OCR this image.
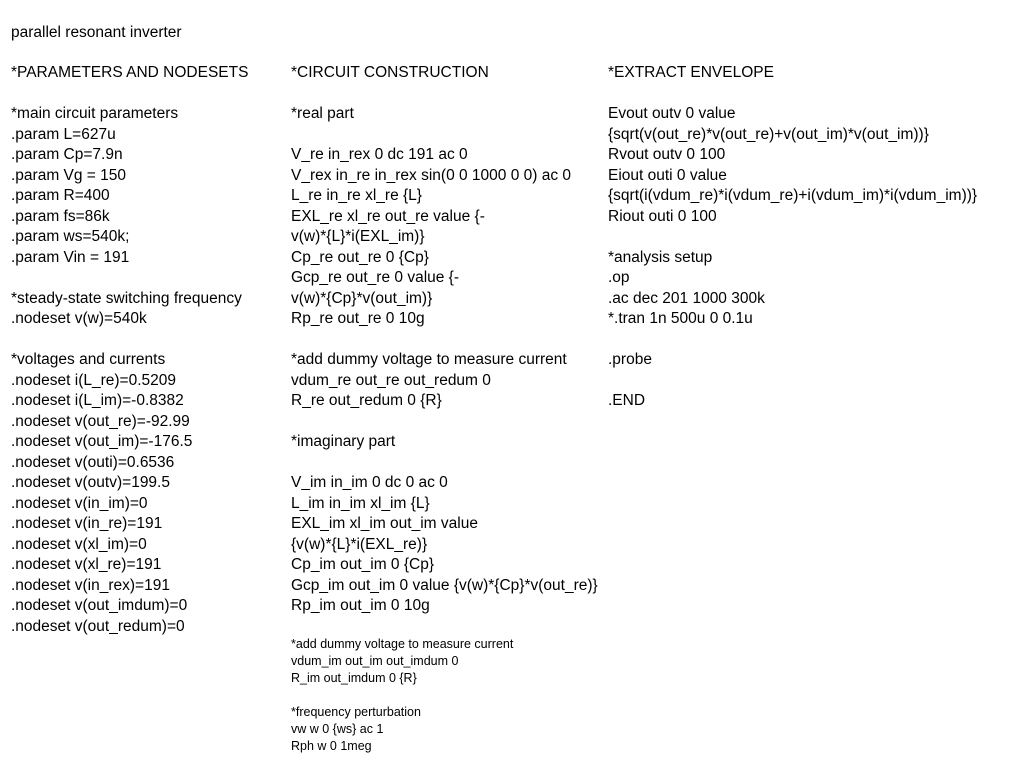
parallel resonant inverter
*PARAMETERS AND NODESETS
*main circuit parameters
.param L=627u
.param Cp=7.9n
.param Vg = 150
.param R=400
.param fs=86k
.param ws=540k;
.param Vin = 191
*steady-state switching frequency
.nodeset v(w)=540k
*voltages and currents
.nodeset i(L_re)=0.5209
.nodeset i(L_im)=-0.8382
.nodeset v(out_re)=-92.99
.nodeset v(out_im)=-176.5
.nodeset v(outi)=0.6536
.nodeset v(outv)=199.5
.nodeset v(in_im)=0
.nodeset v(in_re)=191
.nodeset v(xl_im)=0
.nodeset v(xl_re)=191
.nodeset v(in_rex)=191
.nodeset v(out_imdum)=0
.nodeset v(out_redum)=0
*CIRCUIT CONSTRUCTION
*real part
V_re in_rex 0 dc 191 ac 0
V_rex in_re in_rex sin(0 0 1000 0 0) ac 0
L_re in_re xl_re {L}
EXL_re xl_re out_re value {-
v(w)*{L}*i(EXL_im)}
Cp_re out_re 0 {Cp}
Gcp_re out_re 0 value {-
v(w)*{Cp}*v(out_im)}
Rp_re out_re 0 10g
*add dummy voltage to measure current
vdum_re out_re out_redum 0
R_re out_redum 0 {R}
*imaginary part
V_im in_im 0 dc 0 ac 0
L_im in_im xl_im {L}
EXL_im xl_im out_im value
{v(w)*{L}*i(EXL_re)}
Cp_im out_im 0 {Cp}
Gcp_im out_im 0 value {v(w)*{Cp}*v(out_re)}
Rp_im out_im 0 10g
*add dummy voltage to measure current
vdum_im out_im out_imdum 0
R_im out_imdum 0 {R}
*frequency perturbation
vw w 0 {ws} ac 1
Rph w 0 1meg
*EXTRACT ENVELOPE
Evout outv 0 value
{sqrt(v(out_re)*v(out_re)+v(out_im)*v(out_im))}
Rvout outv 0 100
Eiout outi 0 value
{sqrt(i(vdum_re)*i(vdum_re)+i(vdum_im)*i(vdum_im))}
Riout outi 0 100
*analysis setup
.op
.ac dec 201 1000 300k
*.tran 1n 500u 0 0.1u
.probe
.END
